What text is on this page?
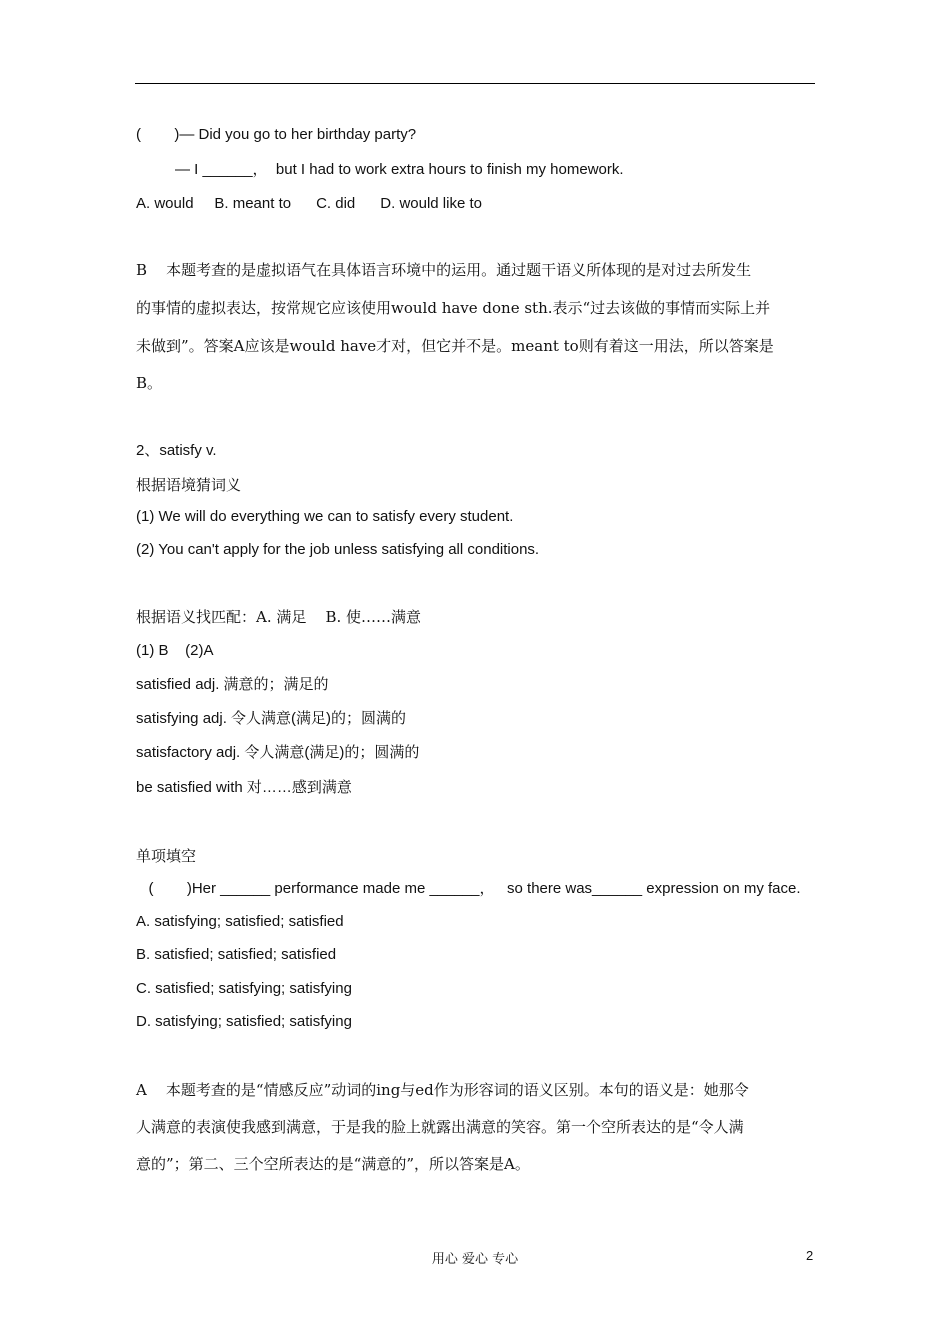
(        )— Did you go to her birthday party?
— I ______，  but I had to work extra hours to finish my homework.
A. would     B. meant to      C. did      D. would like to
B    本题考查的是虚拟语气在具体语言环境中的运用。通过题干语义所体现的是对过去所发生
的事情的虚拟表达，按常规它应该使用would have done sth.表示“过去该做的事情而实际上并
未做到”。答案A应该是would have才对，但它并不是。meant to则有着这一用法，所以答案是
B。
2、satisfy v.
根据语境猜词义
(1) We will do everything we can to satisfy every student.
(2) You can't apply for the job unless satisfying all conditions.
根据语义找匹配：A. 满足    B. 使……满意
(1) B    (2)A
satisfied adj. 满意的；满足的
satisfying adj. 令人满意(满足)的；圆满的
satisfactory adj. 令人满意(满足)的；圆满的
be satisfied with 对……感到满意
单项填空
(        )Her ______ performance made me ______，   so there was______ expression on my face.
A. satisfying; satisfied; satisfied
B. satisfied; satisfied; satisfied
C. satisfied; satisfying; satisfying
D. satisfying; satisfied; satisfying
A    本题考查的是“情感反应”动词的ing与ed作为形容词的语义区别。本句的语义是：她那令
人满意的表演使我感到满意，于是我的脸上就露出满意的笑容。第一个空所表达的是“令人满
意的”；第二、三个空所表达的是“满意的”，所以答案是A。
用心 爱心 专心	2
